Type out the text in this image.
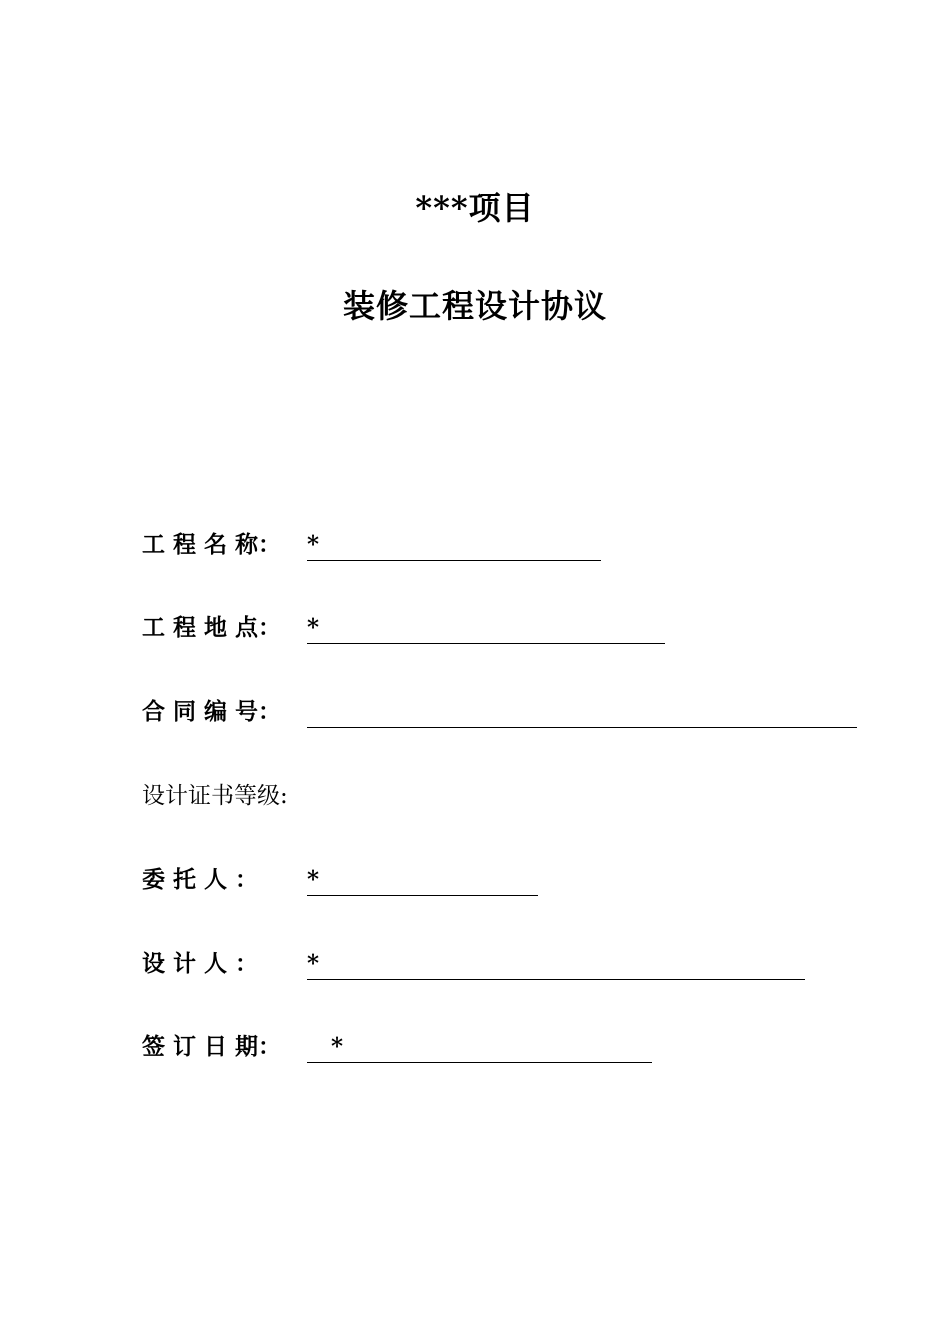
***项目
装修工程设计协议
工 程 名 称： *
工 程 地 点： *
合 同 编 号：
设计证书等级:
委 托 人 ： *
设 计 人 ： *
签 订 日 期：	*
